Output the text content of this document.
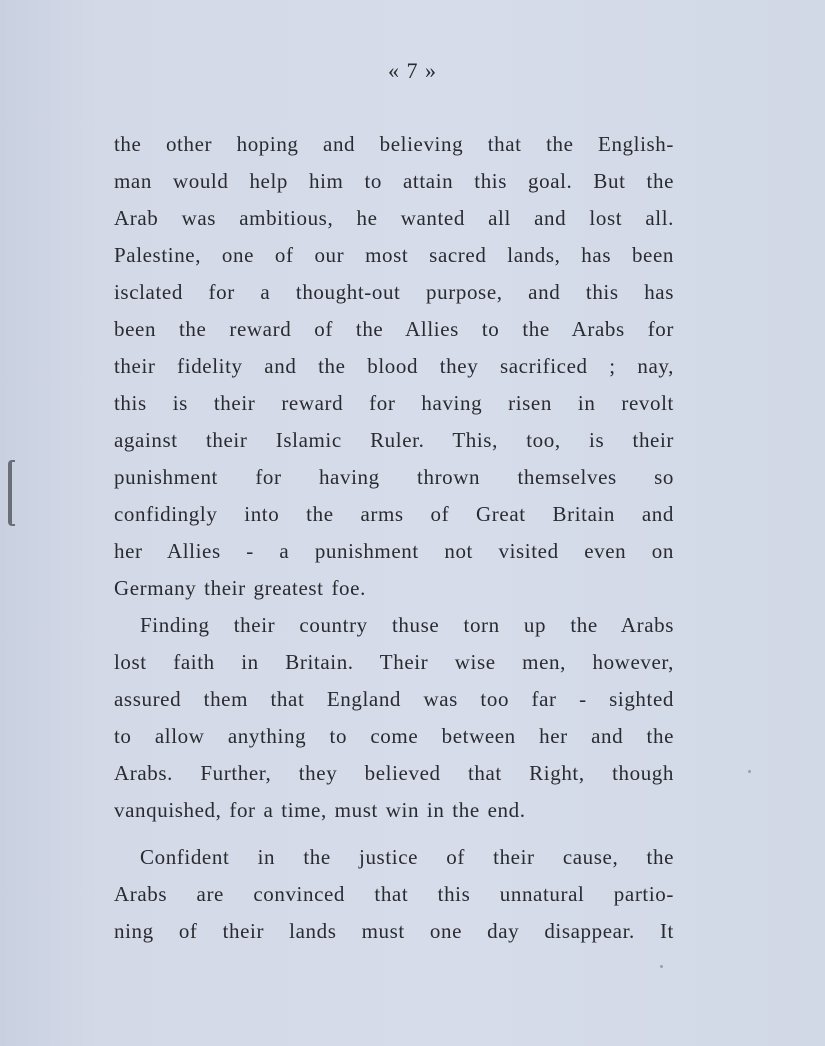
« 7 »
the other hoping and believing that the English-
man would help him to attain this goal. But the
Arab was ambitious, he wanted all and lost all.
Palestine, one of our most sacred lands, has been
isclated for a thought-out purpose, and this has
been the reward of the Allies to the Arabs for
their fidelity and the blood they sacrificed ; nay,
this is their reward for having risen in revolt
against their Islamic Ruler. This, too, is their
punishment for having thrown themselves so
confidingly into the arms of Great Britain and
her Allies - a punishment not visited even on
Germany their greatest foe.
Finding their country thuse torn up the Arabs
lost faith in Britain. Their wise men, however,
assured them that England was too far - sighted
to allow anything to come between her and the
Arabs. Further, they believed that Right, though
vanquished, for a time, must win in the end.
Confident in the justice of their cause, the
Arabs are convinced that this unnatural partio-
ning of their lands must one day disappear. It
